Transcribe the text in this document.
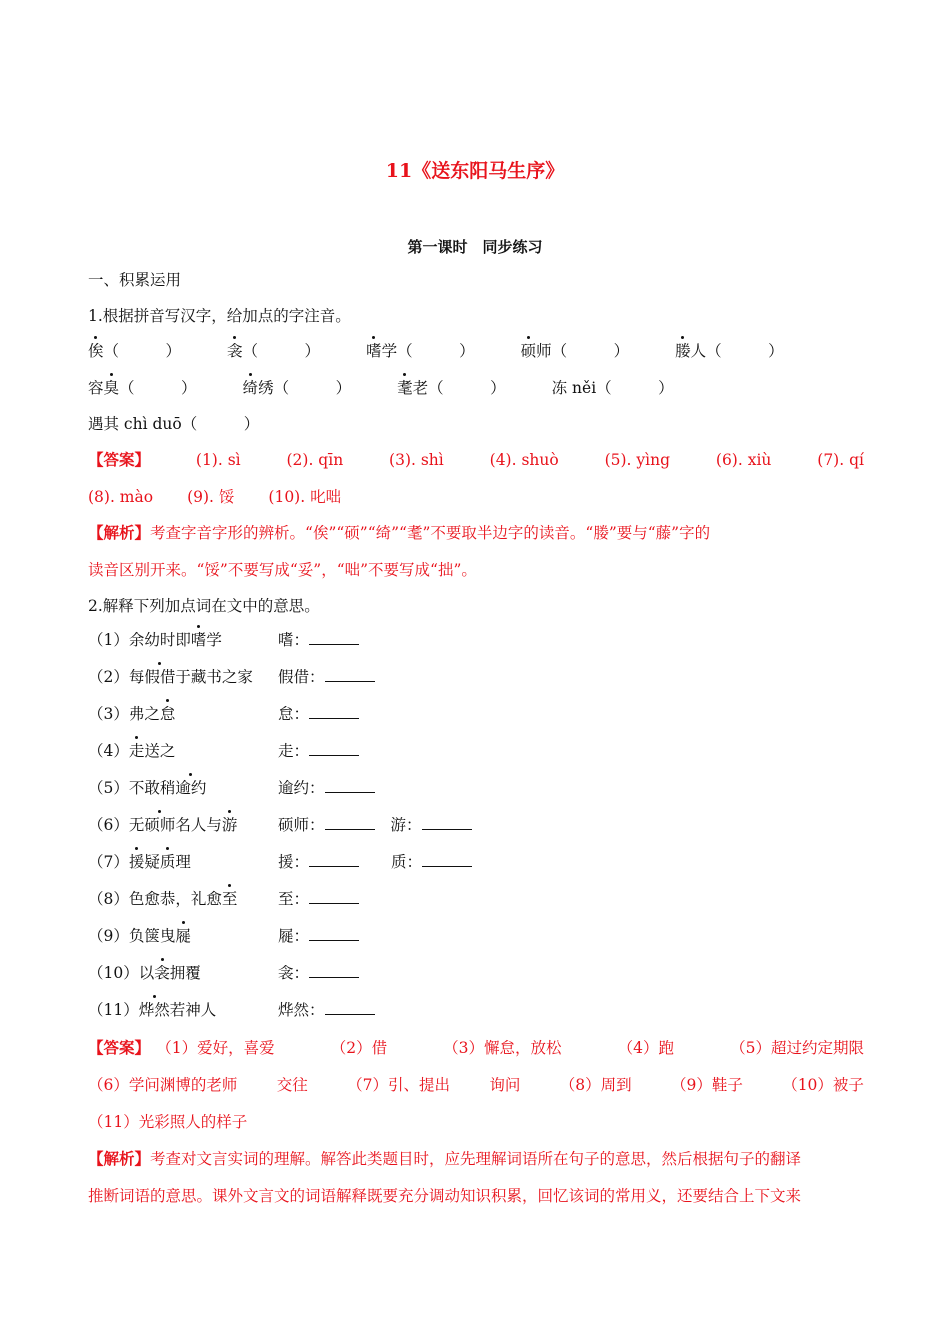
11《送东阳马生序》
第一课时　同步练习
一、积累运用
1.根据拼音写汉字，给加点的字注音。
俟（　　　）	衾（　　　）	嗜学（　　　）	硕师（　　　）	媵人（　　　）
容臭（　　　）	绮绣（　　　）	耄老（　　　）	冻 něi（　　　）
遇其 chì duō（　　　）
【答案】	(1). sì	(2). qīn	(3). shì	(4). shuò	(5). yìng	(6). xiù	(7). qí
(8). mào (9). 馁 (10). 叱咄
【解析】考查字音字形的辨析。“俟”“硕”“绮”“耄”不要取半边字的读音。“媵”要与“藤”字的
读音区别开来。“馁”不要写成“妥”，“咄”不要写成“拙”。
2.解释下列加点词在文中的意思。
（1）余幼时即嗜学	嗜：
（2）每假借于藏书之家 假借：
（3）弗之怠	怠：
（4）走送之	走：
（5）不敢稍逾约	逾约：
（6）无硕师名人与游	硕师：	游：
（7）援疑质理	援：	质：
（8）色愈恭，礼愈至	至：
（9）负箧曳屣	屣：
（10）以衾拥覆	衾：
（11）烨然若神人	烨然：
【答案】 （1）爱好，喜爱	（2）借	（3）懈怠，放松	（4）跑	（5）超过约定期限
（6）学问渊博的老师	交往	（7）引、提出	询问	（8）周到	（9）鞋子	（10）被子
（11）光彩照人的样子
【解析】考查对文言实词的理解。解答此类题目时，应先理解词语所在句子的意思，然后根据句子的翻译
推断词语的意思。课外文言文的词语解释既要充分调动知识积累，回忆该词的常用义，还要结合上下文来
